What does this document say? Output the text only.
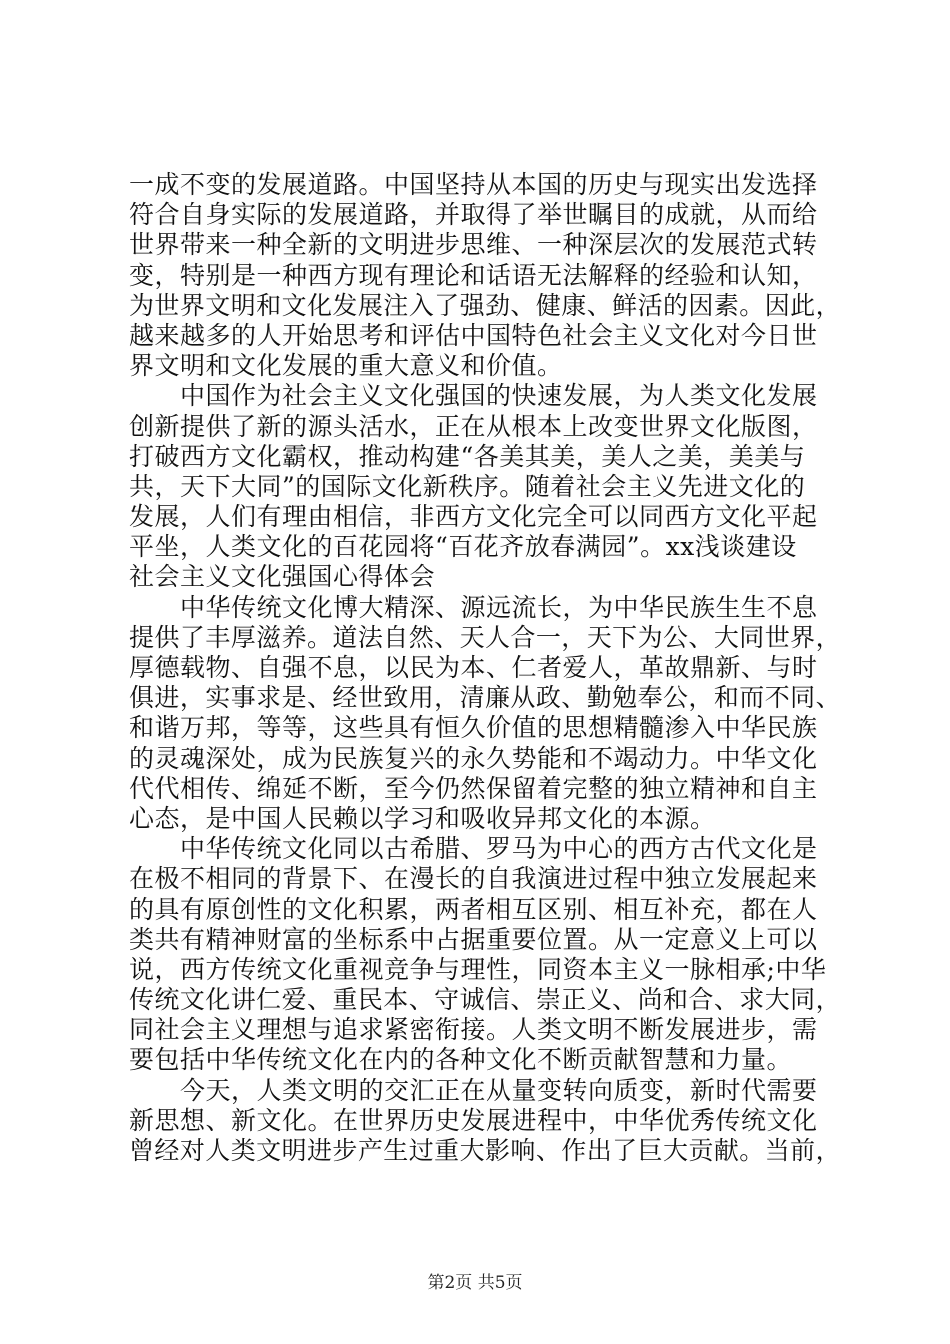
一成不变的发展道路。中国坚持从本国的历史与现实出发选择
符合自身实际的发展道路，并取得了举世瞩目的成就，从而给
世界带来一种全新的文明进步思维、一种深层次的发展范式转
变，特别是一种西方现有理论和话语无法解释的经验和认知，
为世界文明和文化发展注入了强劲、健康、鲜活的因素。因此，
越来越多的人开始思考和评估中国特色社会主义文化对今日世
界文明和文化发展的重大意义和价值。
　　中国作为社会主义文化强国的快速发展，为人类文化发展
创新提供了新的源头活水，正在从根本上改变世界文化版图，
打破西方文化霸权，推动构建“各美其美，美人之美，美美与
共，天下大同”的国际文化新秩序。随着社会主义先进文化的
发展，人们有理由相信，非西方文化完全可以同西方文化平起
平坐，人类文化的百花园将“百花齐放春满园”。xx浅谈建设
社会主义文化强国心得体会
　　中华传统文化博大精深、源远流长，为中华民族生生不息
提供了丰厚滋养。道法自然、天人合一，天下为公、大同世界，
厚德载物、自强不息，以民为本、仁者爱人，革故鼎新、与时
俱进，实事求是、经世致用，清廉从政、勤勉奉公，和而不同、
和谐万邦，等等，这些具有恒久价值的思想精髓渗入中华民族
的灵魂深处，成为民族复兴的永久势能和不竭动力。中华文化
代代相传、绵延不断，至今仍然保留着完整的独立精神和自主
心态，是中国人民赖以学习和吸收异邦文化的本源。
　　中华传统文化同以古希腊、罗马为中心的西方古代文化是
在极不相同的背景下、在漫长的自我演进过程中独立发展起来
的具有原创性的文化积累，两者相互区别、相互补充，都在人
类共有精神财富的坐标系中占据重要位置。从一定意义上可以
说，西方传统文化重视竞争与理性，同资本主义一脉相承;中华
传统文化讲仁爱、重民本、守诚信、崇正义、尚和合、求大同，
同社会主义理想与追求紧密衔接。人类文明不断发展进步，需
要包括中华传统文化在内的各种文化不断贡献智慧和力量。
　　今天，人类文明的交汇正在从量变转向质变，新时代需要
新思想、新文化。在世界历史发展进程中，中华优秀传统文化
曾经对人类文明进步产生过重大影响、作出了巨大贡献。当前，
第2页 共5页
